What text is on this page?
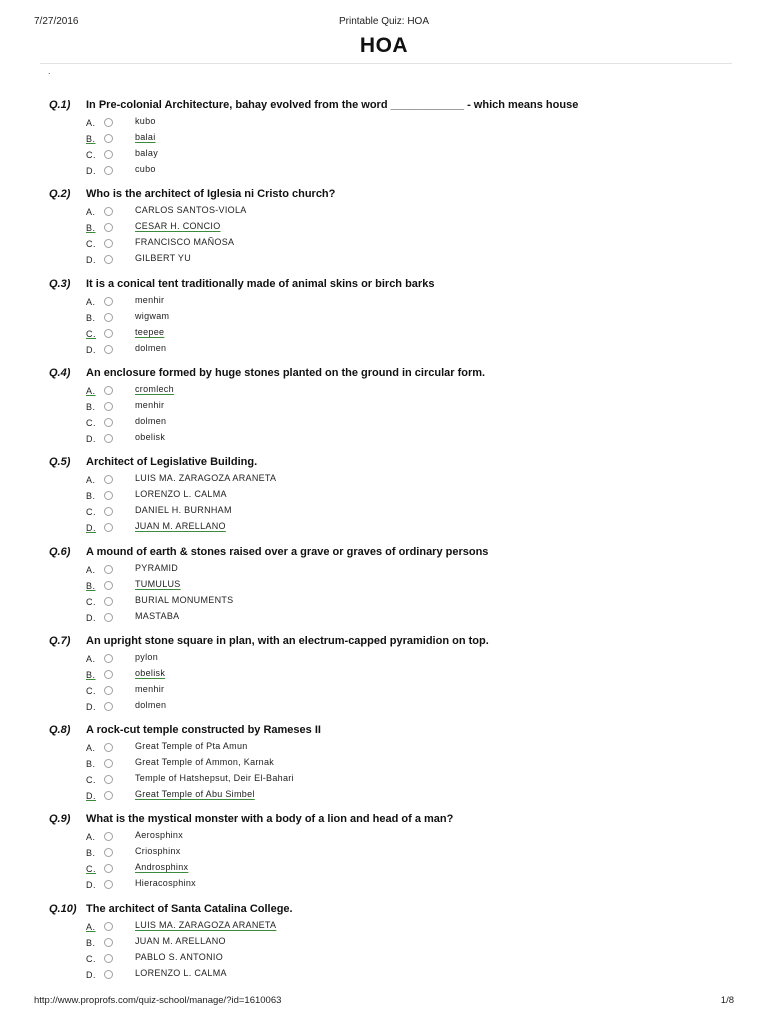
7/27/2016	Printable Quiz: HOA
HOA
.
Q.1) In Pre-colonial Architecture, bahay evolved from the word ____________ - which means house
A.	kubo
B.	balai
C.	balay
D.	cubo
Q.2) Who is the architect of Iglesia ni Cristo church?
A.	CARLOS SANTOS-VIOLA
B.	CESAR H. CONCIO
C.	FRANCISCO MAÑOSA
D.	GILBERT YU
Q.3) It is a conical tent traditionally made of animal skins or birch barks
A.	menhir
B.	wigwam
C.	teepee
D.	dolmen
Q.4) An enclosure formed by huge stones planted on the ground in circular form.
A.	cromlech
B.	menhir
C.	dolmen
D.	obelisk
Q.5) Architect of Legislative Building.
A.	LUIS MA. ZARAGOZA ARANETA
B.	LORENZO L. CALMA
C.	DANIEL H. BURNHAM
D.	JUAN M. ARELLANO
Q.6) A mound of earth & stones raised over a grave or graves of ordinary persons
A.	PYRAMID
B.	TUMULUS
C.	BURIAL MONUMENTS
D.	MASTABA
Q.7) An upright stone square in plan, with an electrum-capped pyramidion on top.
A.	pylon
B.	obelisk
C.	menhir
D.	dolmen
Q.8) A rock-cut temple constructed by Rameses II
A.	Great Temple of Pta Amun
B.	Great Temple of Ammon, Karnak
C.	Temple of Hatshepsut, Deir El-Bahari
D.	Great Temple of Abu Simbel
Q.9) What is the mystical monster with a body of a lion and head of a man?
A.	Aerosphinx
B.	Criosphinx
C.	Androsphinx
D.	Hieracosphinx
Q.10) The architect of Santa Catalina College.
A.	LUIS MA. ZARAGOZA ARANETA
B.	JUAN M. ARELLANO
C.	PABLO S. ANTONIO
D.	LORENZO L. CALMA
http://www.proprofs.com/quiz-school/manage/?id=1610063	1/8
